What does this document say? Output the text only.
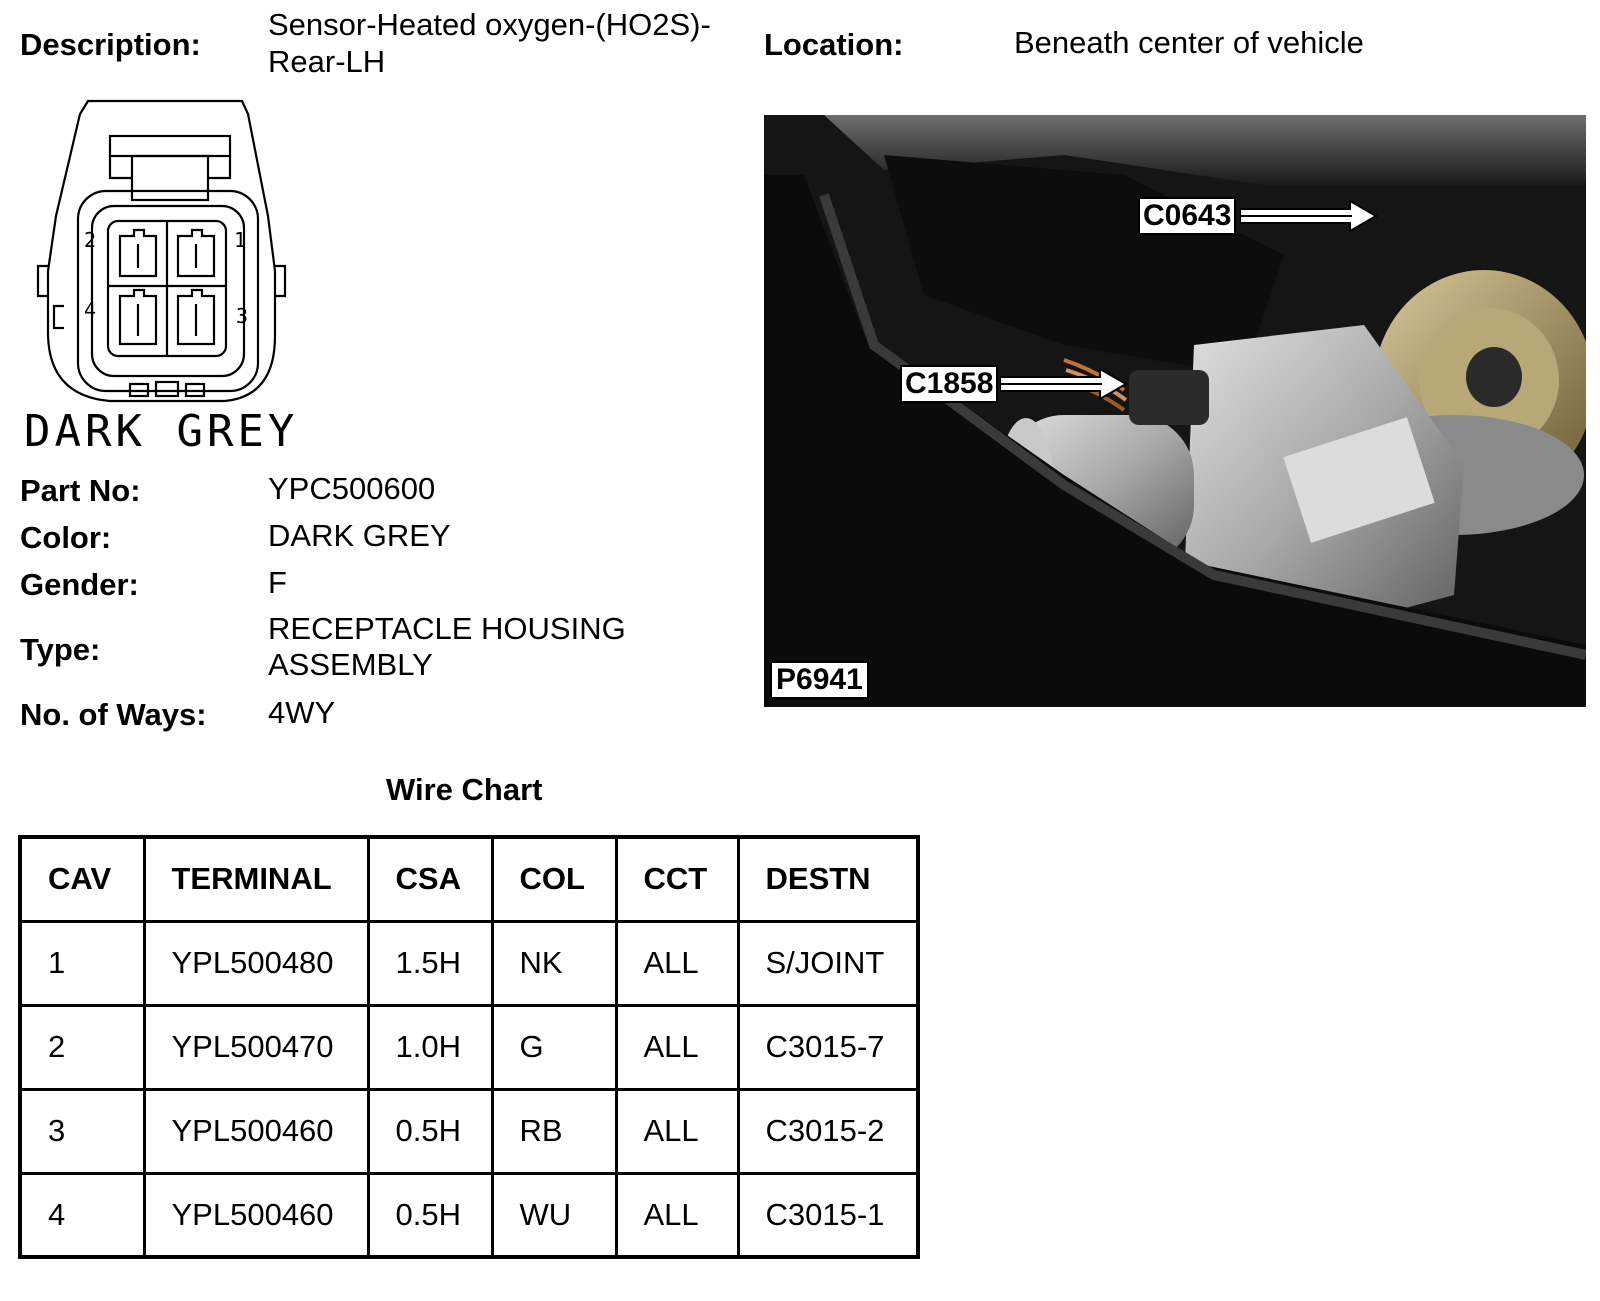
Description:
Sensor-Heated oxygen-(HO2S)-
Rear-LH	Location:	Beneath center of vehicle
2	1
4	3
DARK GREY
Part No:	YPC500600
Color:	DARK GREY
Gender:	F
Type:
RECEPTACLE HOUSING
ASSEMBLY
No. of Ways: 4WY
C0643
C1858
P6941
Wire Chart
CAV	TERMINAL	CSA	COL	CCT	DESTN
1	YPL500480	1.5H	NK	ALL	S/JOINT
2	YPL500470	1.0H	G	ALL	C3015-7
3	YPL500460	0.5H	RB	ALL	C3015-2
4	YPL500460	0.5H	WU	ALL	C3015-1
